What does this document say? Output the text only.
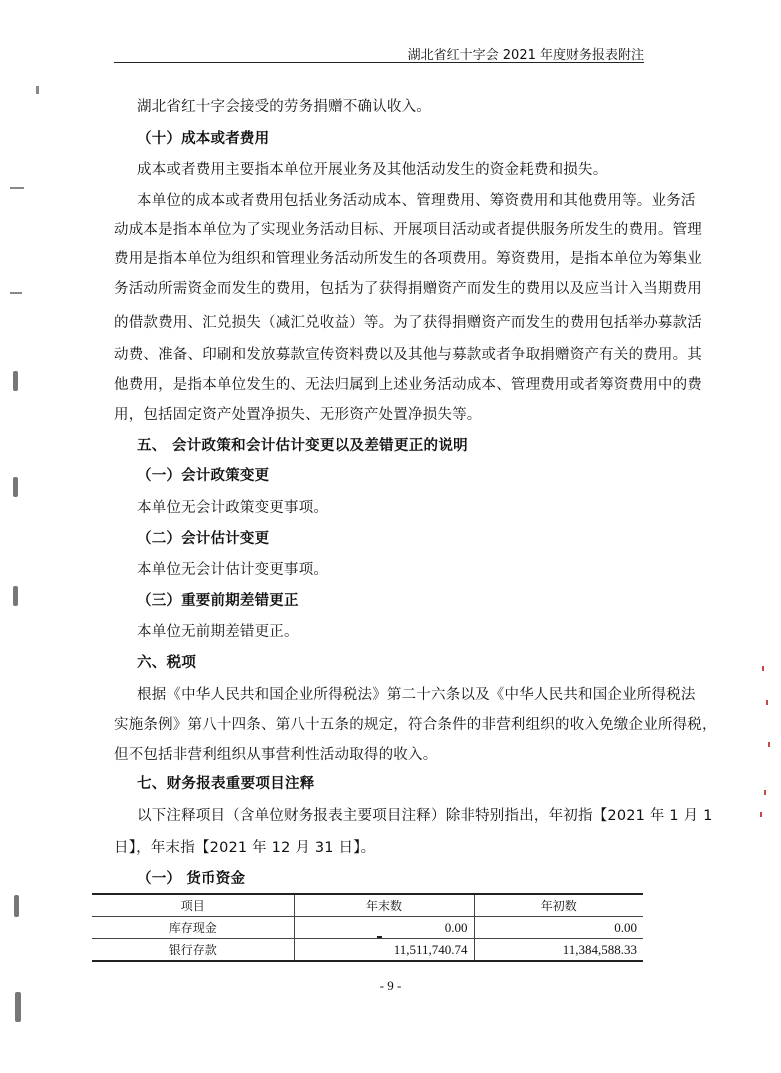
湖北省红十字会 2021 年度财务报表附注
湖北省红十字会接受的劳务捐赠不确认收入。
（十）成本或者费用
成本或者费用主要指本单位开展业务及其他活动发生的资金耗费和损失。
本单位的成本或者费用包括业务活动成本、管理费用、筹资费用和其他费用等。业务活
动成本是指本单位为了实现业务活动目标、开展项目活动或者提供服务所发生的费用。管理
费用是指本单位为组织和管理业务活动所发生的各项费用。筹资费用，是指本单位为筹集业
务活动所需资金而发生的费用，包括为了获得捐赠资产而发生的费用以及应当计入当期费用
的借款费用、汇兑损失（减汇兑收益）等。为了获得捐赠资产而发生的费用包括举办募款活
动费、准备、印刷和发放募款宣传资料费以及其他与募款或者争取捐赠资产有关的费用。其
他费用，是指本单位发生的、无法归属到上述业务活动成本、管理费用或者筹资费用中的费
用，包括固定资产处置净损失、无形资产处置净损失等。
五、 会计政策和会计估计变更以及差错更正的说明
（一）会计政策变更
本单位无会计政策变更事项。
（二）会计估计变更
本单位无会计估计变更事项。
（三）重要前期差错更正
本单位无前期差错更正。
六、税项
根据《中华人民共和国企业所得税法》第二十六条以及《中华人民共和国企业所得税法
实施条例》第八十四条、第八十五条的规定，符合条件的非营利组织的收入免缴企业所得税，
但不包括非营利组织从事营利性活动取得的收入。
七、财务报表重要项目注释
以下注释项目（含单位财务报表主要项目注释）除非特别指出，年初指【2021 年 1 月 1
日】，年末指【2021 年 12 月 31 日】。
（一） 货币资金
项目	年末数	年初数
库存现金	0.00	0.00
银行存款	11,511,740.74	11,384,588.33
- 9 -
